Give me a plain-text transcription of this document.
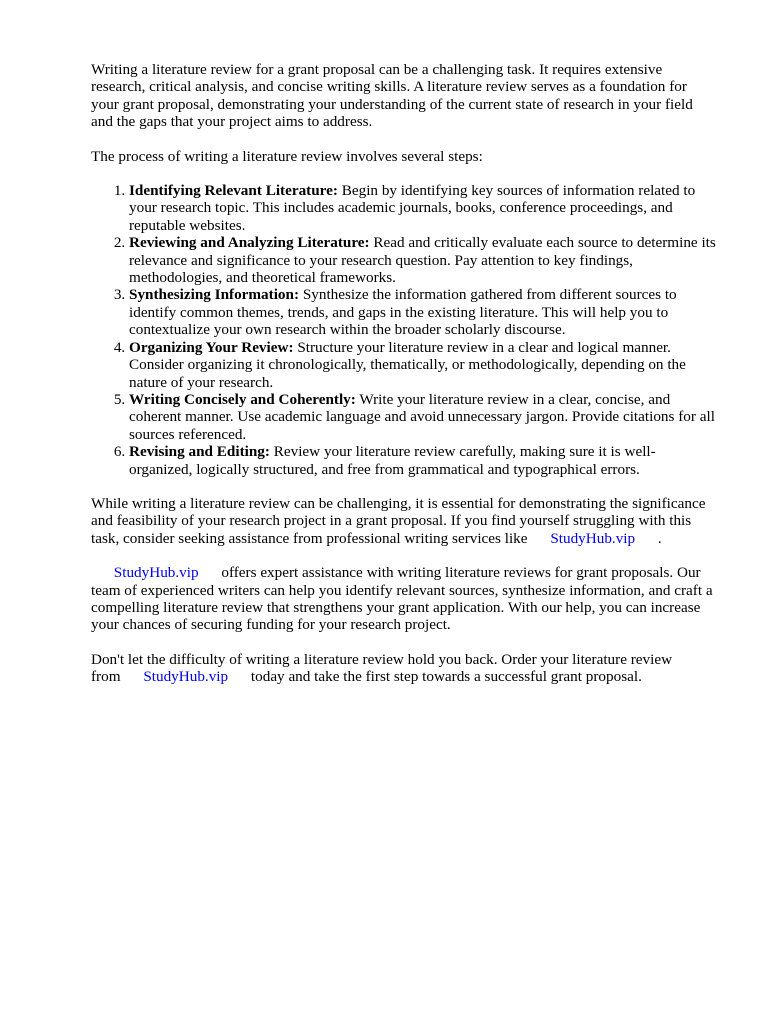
Writing a literature review for a grant proposal can be a challenging task. It requires extensive research, critical analysis, and concise writing skills. A literature review serves as a foundation for your grant proposal, demonstrating your understanding of the current state of research in your field and the gaps that your project aims to address.

The process of writing a literature review involves several steps:

1. Identifying Relevant Literature: Begin by identifying key sources of information related to your research topic. This includes academic journals, books, conference proceedings, and reputable websites.
2. Reviewing and Analyzing Literature: Read and critically evaluate each source to determine its relevance and significance to your research question. Pay attention to key findings, methodologies, and theoretical frameworks.
3. Synthesizing Information: Synthesize the information gathered from different sources to identify common themes, trends, and gaps in the existing literature. This will help you to contextualize your own research within the broader scholarly discourse.
4. Organizing Your Review: Structure your literature review in a clear and logical manner. Consider organizing it chronologically, thematically, or methodologically, depending on the nature of your research.
5. Writing Concisely and Coherently: Write your literature review in a clear, concise, and coherent manner. Use academic language and avoid unnecessary jargon. Provide citations for all sources referenced.
6. Revising and Editing: Review your literature review carefully, making sure it is well-organized, logically structured, and free from grammatical and typographical errors.

While writing a literature review can be challenging, it is essential for demonstrating the significance and feasibility of your research project in a grant proposal. If you find yourself struggling with this task, consider seeking assistance from professional writing services like StudyHub.vip .

StudyHub.vip offers expert assistance with writing literature reviews for grant proposals. Our team of experienced writers can help you identify relevant sources, synthesize information, and craft a compelling literature review that strengthens your grant application. With our help, you can increase your chances of securing funding for your research project.

Don't let the difficulty of writing a literature review hold you back. Order your literature review from StudyHub.vip today and take the first step towards a successful grant proposal.
